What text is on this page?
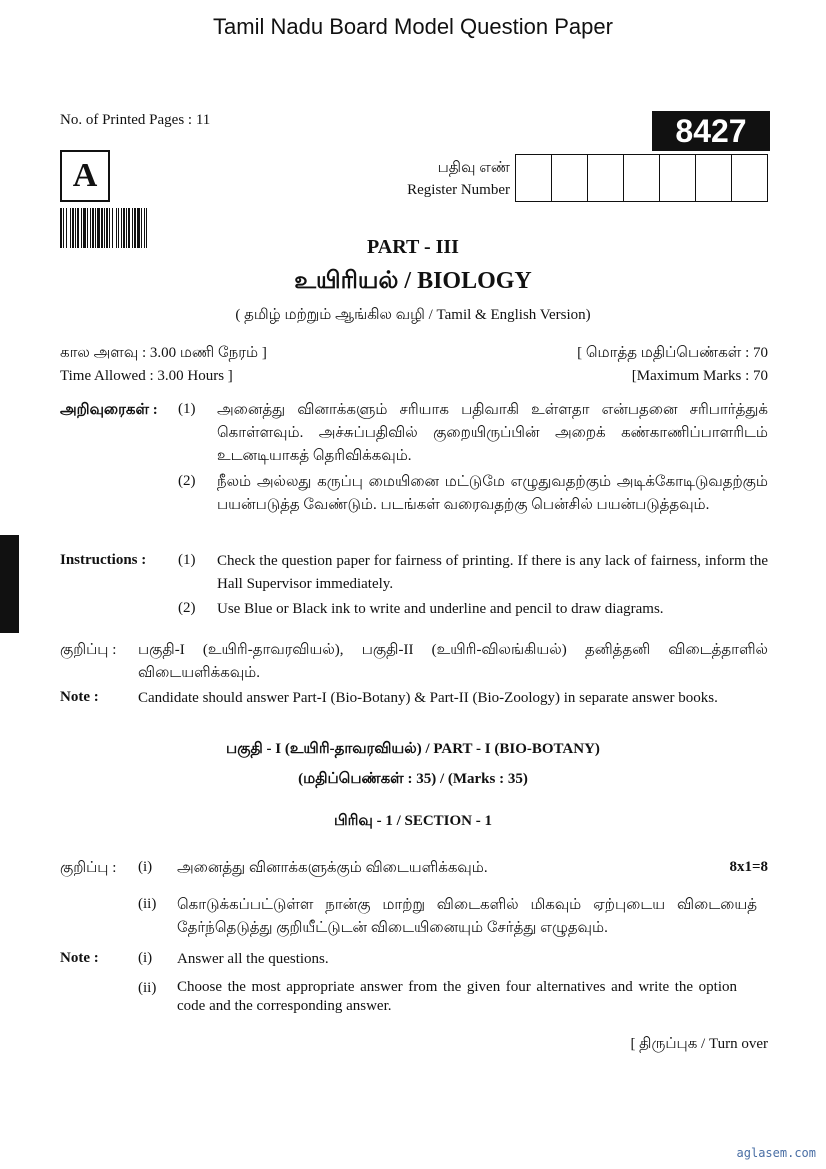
Tamil Nadu Board Model Question Paper
No. of Printed Pages : 11	8427
A	பதிவு எண்
Register Number
PART - III
உயிரியல் / BIOLOGY
( தமிழ் மற்றும் ஆங்கில வழி / Tamil & English Version)
கால அளவு : 3.00 மணி நேரம் ]	[ மொத்த மதிப்பெண்கள் : 70
Time Allowed : 3.00 Hours ]	[Maximum Marks : 70
அறிவுரைகள் : (1) அனைத்து வினாக்களும் சரியாக பதிவாகி உள்ளதா என்பதனை சரிபார்த்துக் கொள்ளவும். அச்சுப்பதிவில் குறையிருப்பின் அறைக் கண்காணிப்பாளரிடம் உடனடியாகத் தெரிவிக்கவும்.
(2) நீலம் அல்லது கருப்பு மையினை மட்டுமே எழுதுவதற்கும் அடிக்கோடிடுவதற்கும் பயன்படுத்த வேண்டும். படங்கள் வரைவதற்கு பென்சில் பயன்படுத்தவும்.
Instructions : (1) Check the question paper for fairness of printing. If there is any lack of fairness, inform the Hall Supervisor immediately.
(2) Use Blue or Black ink to write and underline and pencil to draw diagrams.
குறிப்பு : பகுதி-I (உயிரி-தாவரவியல்), பகுதி-II (உயிரி-விலங்கியல்) தனித்தனி விடைத்தாளில் விடையளிக்கவும்.
Note :	Candidate should answer Part-I (Bio-Botany) & Part-II (Bio-Zoology) in separate answer books.
பகுதி - I (உயிரி-தாவரவியல்) / PART - I (BIO-BOTANY)
(மதிப்பெண்கள் : 35) / (Marks : 35)
பிரிவு - 1 / SECTION - 1
குறிப்பு : (i) அனைத்து வினாக்களுக்கும் விடையளிக்கவும்.	8x1=8
(ii) கொடுக்கப்பட்டுள்ள நான்கு மாற்று விடைகளில் மிகவும் ஏற்புடைய விடையைத் தேர்ந்தெடுத்து குறியீட்டுடன் விடையினையும் சேர்த்து எழுதவும்.
Note :	(i) Answer all the questions.
(ii) Choose the most appropriate answer from the given four alternatives and write the option code and the corresponding answer.
[ திருப்புக / Turn over
aglasem.com
